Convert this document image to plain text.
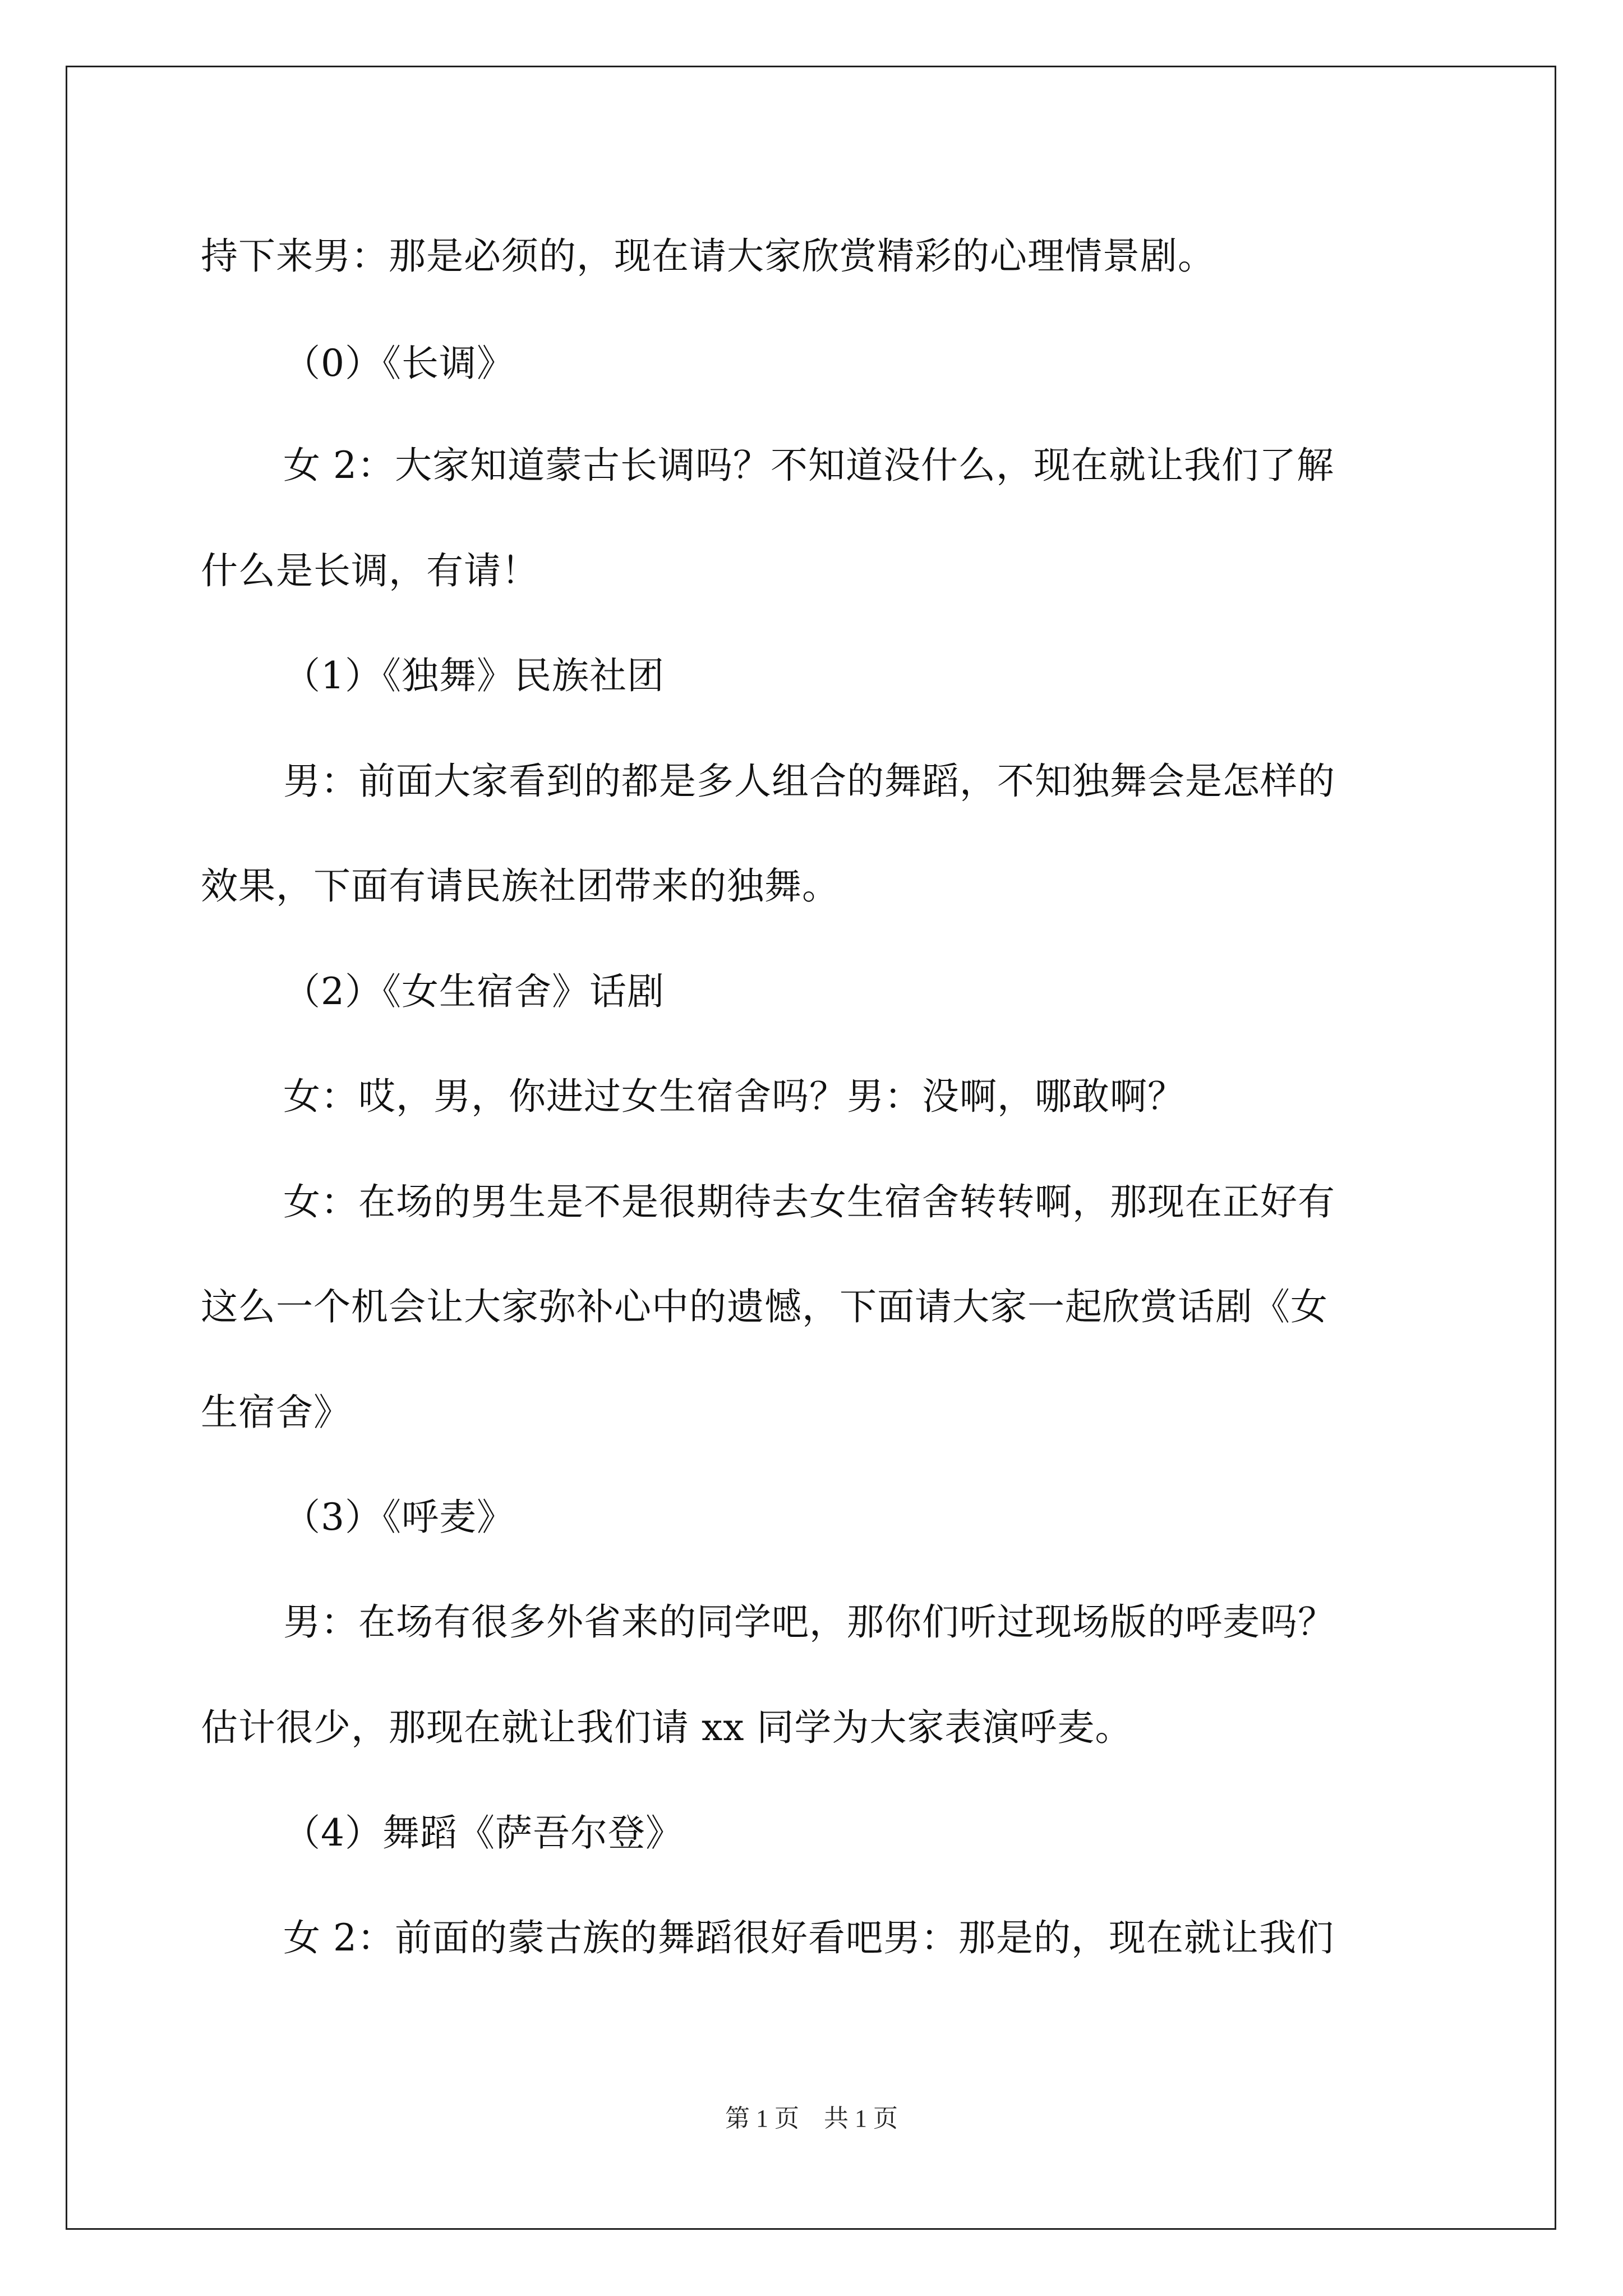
持下来男：那是必须的，现在请大家欣赏精彩的心理情景剧。
（0）《长调》
女 2：大家知道蒙古长调吗？不知道没什么，现在就让我们了解
什么是长调，有请！
（1）《独舞》民族社团
男：前面大家看到的都是多人组合的舞蹈，不知独舞会是怎样的
效果，下面有请民族社团带来的独舞。
（2）《女生宿舍》话剧
女：哎，男，你进过女生宿舍吗？男：没啊，哪敢啊？
女：在场的男生是不是很期待去女生宿舍转转啊，那现在正好有
这么一个机会让大家弥补心中的遗憾，下面请大家一起欣赏话剧《女
生宿舍》
（3）《呼麦》
男：在场有很多外省来的同学吧，那你们听过现场版的呼麦吗？
估计很少，那现在就让我们请 xx 同学为大家表演呼麦。
（4）舞蹈《萨吾尔登》
女 2：前面的蒙古族的舞蹈很好看吧男：那是的，现在就让我们
第 1 页　共 1 页
